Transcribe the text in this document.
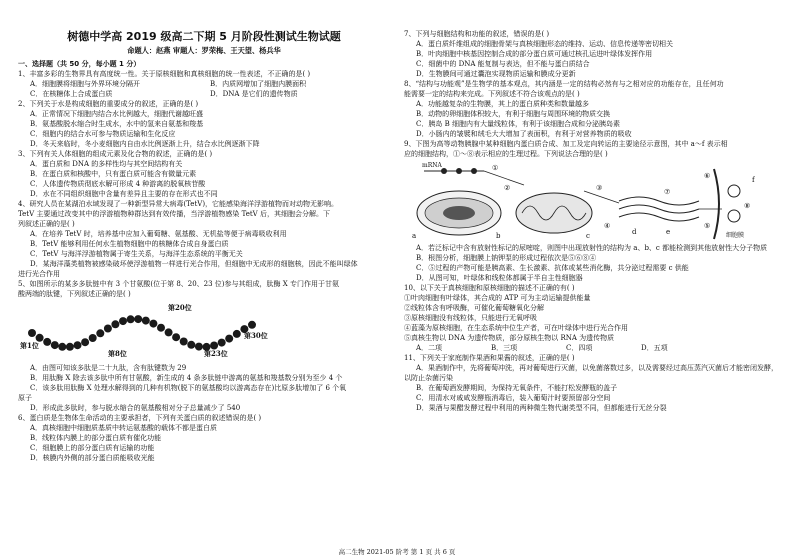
树德中学高 2019 级高二下期 5 月阶段性测试生物试题
命题人：赵燕 审题人：罗荣梅、王天望、杨兵华
一、选择题（共 50 分，每小题 1 分）
1、丰富多彩的生物界具有高度统一性。关于原核细胞和真核细胞的统一性表述，不正确的是( )
A．细胞膜将细胞与外界环境分隔开	B．内质网增加了细胞内膜面积
C．在核糖体上合成蛋白质	D．DNA 是它们的遗传物质
2、下列关于水是构成细胞的重要成分的叙述，正确的是( )
A．正常情况下细胞内结合水比例越大，细胞代谢越旺盛
B．氨基酸脱水缩合时生成水，水中的氢来自氨基和羧基
C．细胞内的结合水可参与物质运输和生化反应
D．冬天来临时，冬小麦细胞内自由水比例逐渐上升，结合水比例逐渐下降
3、下列有关人体细胞的组成元素及化合物的叙述，正确的是( )
A．蛋白质和 DNA 的多样性均与其空间结构有关
B．在蛋白质和核酸中，只有蛋白质可能含有微量元素
C．人体遗传物质彻底水解可形成 4 种游离的脱氧核苷酸
D．水在不同组织细胞中含量有差异且主要的存在形式也不同
4、研究人员在某湖泊水域发现了一种新型异常大病毒(TetV)，它能感染海洋浮游植物而对动物无影响。
TetV 主要通过改变其中的浮游植物种群达到有效传播，当浮游植物感染 TetV 后，其细胞会分解。下
列叙述正确的是( )
A．在培养 TetV 时，培养基中应加入葡萄糖、氨基酸、无机盐等便于病毒吸收利用
B．TetV 能够利用任何水生植物细胞中的核糖体合成自身蛋白质
C．TetV 与海洋浮游植物属于寄生关系，与海洋生态系统的平衡无关
D．某海洋藻类植物被感染破坏使浮游植物一样进行光合作用，但细胞中无成形的细胞核，因此不能叫绿体
进行光合作用
5、如图所示的某多多肽链中有 3 个甘氨酸(位于第 8、20、23 位)参与其组成，肽酶 X 专门作用于甘氨
酸两端的肽键，下列叙述正确的是( )
第20位
第1位
第8位	第23位
第30位
A．由图可知该多肽是二十九肽，含有肽键数为 29
B．用肽酶 X 除去该多肽中所有甘氨酸，新生成的 4 条多肽链中游离的氨基和羧基数分别为至少 4 个
C．该多肽用肽酶 X 处理水解得到的几种有机物(脱下的氨基酸均以游离态存在)比原多肽增加了 6 个氧
原子
D．形成此多肽时，参与脱水缩合的氨基酸相对分子总量减少了 540
6、蛋白质是生物体生命活动的主要承担者，下列有关蛋白质的叙述错误的是( )
A．真核细胞中细胞质基质中转运氨基酸的载体不都是蛋白质
B．线粒体内膜上的部分蛋白质有催化功能
C．细胞膜上的部分蛋白质有运输的功能
D．核膜内外侧的部分蛋白质能吸收光能
7、下列与细胞结构和功能的叙述，错误的是( )
A．蛋白质纤维组成的细胞骨架与真核细胞形态的维持、运动、信息传递等密切相关
B．叶肉细胞中核基因控制合成的部分蛋白质可通过核孔运进叶绿体发挥作用
C．细菌中的 DNA 能复制与表达，但不能与蛋白质结合
D．生物膜间可通过囊泡实现物质运输和膜成分更新
8、“结构与功能观”是生物学的基本观点，其内涵是一定的结构必然有与之相对应的功能存在，且任何功
能需要一定的结构来完成。下列叙述不符合该观点的是( )
A．功能越复杂的生物膜，其上的蛋白质种类和数量越多
B．动物的卵细胞体积较大，有利于细胞与周围环境的物质交换
C．胰岛 B 细胞内有大量线粒体，有利于该细胞合成和分泌胰岛素
D．小肠内的皱襞和绒毛大大增加了表面积，有利于对营养物质的吸收
9、下图为高等动物胰腺中某种细胞内蛋白质合成、加工及定向转运的主要途径示意图，其中 a～f 表示相
应的细胞结构，①～⑧表示相应的生理过程。下列说法合理的是( )
mRNA	①
②	③
④	⑤
⑥
⑦
⑧
a	b	c	d	e
f
细胞膜
A．若泛标记中含有放射性标记的尿嘧啶，则图中出现放射性的结构为 a、b、c 都能检测到其他放射性大分子物质
B．根图分析，细胞膜上钠钾泵的形成过程依次是⑤⑥⑧④
C．⑤过程的产物可能是胰高素、生长激素、抗体或某些消化酶，共分泌过程需要 c 供能
D．从图可知，叶绿体和线粒体都属于半自主性细胞器
10、以下关于真核细胞和原核细胞的描述不正确的有( )
①叶肉细胞有叶绿体，其合成的 ATP 可为主动运输提供能量
②线粒体含有呼吸酶，可催化葡萄糖氧化分解
③原核细胞没有线粒体，只能进行无氧呼吸
④蓝藻为原核细胞，在生态系统中位生产者，可在叶绿体中进行光合作用
⑤真核生物以 DNA 为遗传物质，部分原核生物以 RNA 为遗传物质
A．二项	B．三项	C．四项	D．五项
11、下列关于家庭制作果酒和果酱的叙述，正确的是( )
A．果酒制作中，先将葡萄冲洗，再对葡萄进行灭菌，以免菌落数过多，以及需要经过高压蒸汽灭菌后才能密闭发酵，
以防止杂菌污染
B．在葡萄酒发酵期间，为保持无氧条件，不能打松发酵瓶的盖子
C．用清水对戚咸发酵瓶消毒后，装入葡萄汁时要预留部分空间
D．果酒与果醋发酵过程中利用的两种微生物代谢类型不同，但都能进行无丝分裂
高二生物 2021-05 阶考 第 1 页 共 6 页
